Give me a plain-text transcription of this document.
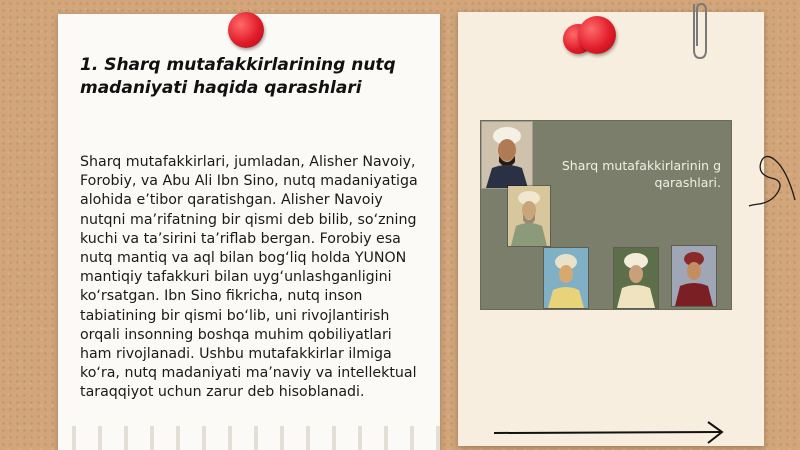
1. Sharq mutafakkirlarining nutq madaniyati haqida qarashlari

Sharq mutafakkirlari, jumladan, Alisher Navoiy, Forobiy, va Abu Ali Ibn Sino, nutq madaniyatiga alohida e’tibor qaratishgan. Alisher Navoiy nutqni ma’rifatning bir qismi deb bilib, so‘zning kuchi va ta’sirini ta’riflab bergan. Forobiy esa nutq mantiq va aql bilan bog‘liq holda YUNON mantiqiy tafakkuri bilan uyg‘unlashganligini ko‘rsatgan. Ibn Sino fikricha, nutq inson tabiatining bir qismi bo‘lib, uni rivojlantirish orqali insonning boshqa muhim qobiliyatlari ham rivojlanadi. Ushbu mutafakkirlar ilmiga ko‘ra, nutq madaniyati ma’naviy va intellektual taraqqiyot uchun zarur deb hisoblanadi.

Sharq mutafakkirlarinin g qarashlari.
